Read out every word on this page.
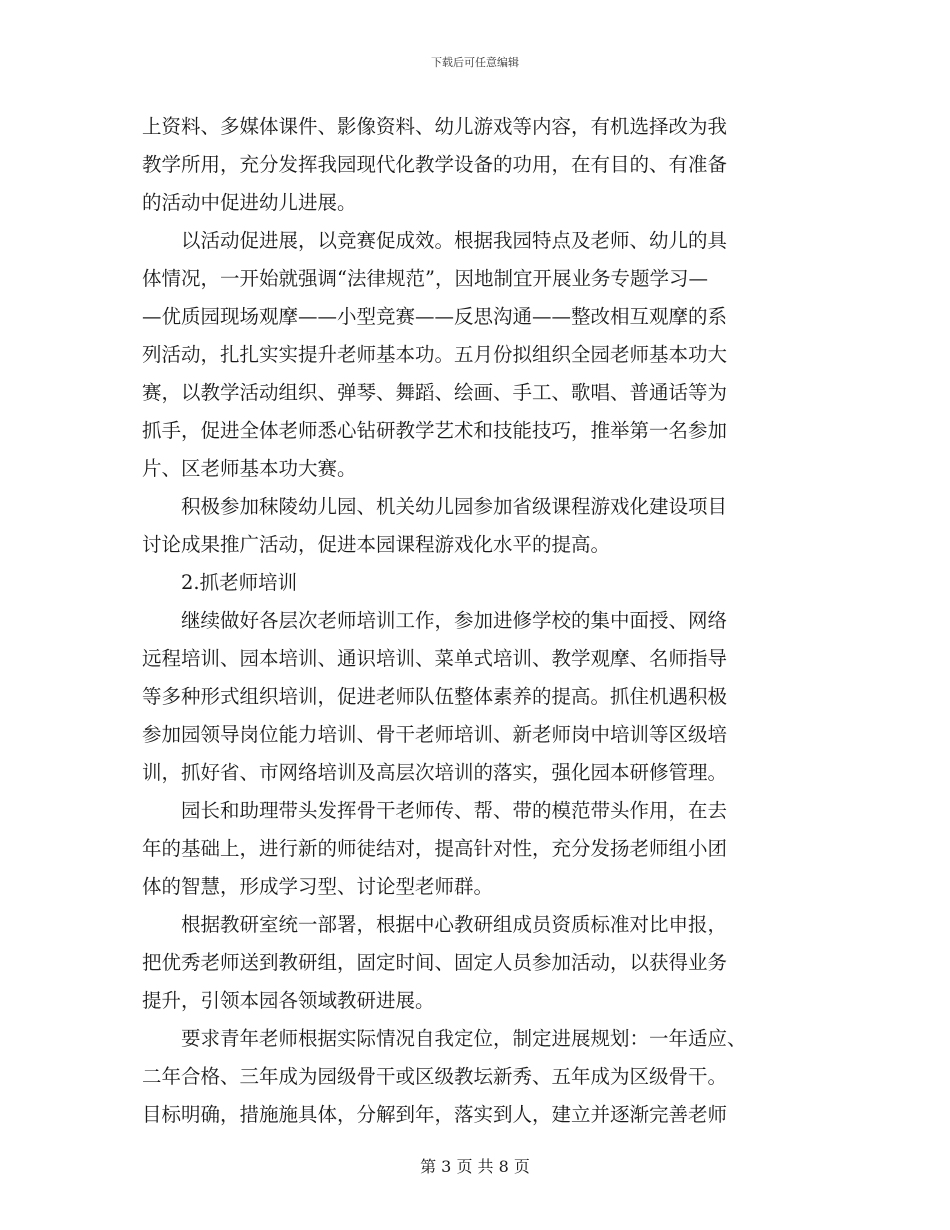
下载后可任意编辑
上资料、多媒体课件、影像资料、幼儿游戏等内容，有机选择改为我
教学所用，充分发挥我园现代化教学设备的功用，在有目的、有准备
的活动中促进幼儿进展。
　　以活动促进展，以竞赛促成效。根据我园特点及老师、幼儿的具
体情况，一开始就强调“法律规范”，因地制宜开展业务专题学习—
—优质园现场观摩——小型竞赛——反思沟通——整改相互观摩的系
列活动，扎扎实实提升老师基本功。五月份拟组织全园老师基本功大
赛，以教学活动组织、弹琴、舞蹈、绘画、手工、歌唱、普通话等为
抓手，促进全体老师悉心钻研教学艺术和技能技巧，推举第一名参加
片、区老师基本功大赛。
　　积极参加秣陵幼儿园、机关幼儿园参加省级课程游戏化建设项目
讨论成果推广活动，促进本园课程游戏化水平的提高。
　　2.抓老师培训
　　继续做好各层次老师培训工作，参加进修学校的集中面授、网络
远程培训、园本培训、通识培训、菜单式培训、教学观摩、名师指导
等多种形式组织培训，促进老师队伍整体素养的提高。抓住机遇积极
参加园领导岗位能力培训、骨干老师培训、新老师岗中培训等区级培
训，抓好省、市网络培训及高层次培训的落实，强化园本研修管理。
　　园长和助理带头发挥骨干老师传、帮、带的模范带头作用，在去
年的基础上，进行新的师徒结对，提高针对性，充分发扬老师组小团
体的智慧，形成学习型、讨论型老师群。
　　根据教研室统一部署，根据中心教研组成员资质标准对比申报，
把优秀老师送到教研组，固定时间、固定人员参加活动，以获得业务
提升，引领本园各领域教研进展。
　　要求青年老师根据实际情况自我定位，制定进展规划：一年适应、
二年合格、三年成为园级骨干或区级教坛新秀、五年成为区级骨干。
目标明确，措施施具体，分解到年，落实到人，建立并逐渐完善老师
第 3 页 共 8 页
